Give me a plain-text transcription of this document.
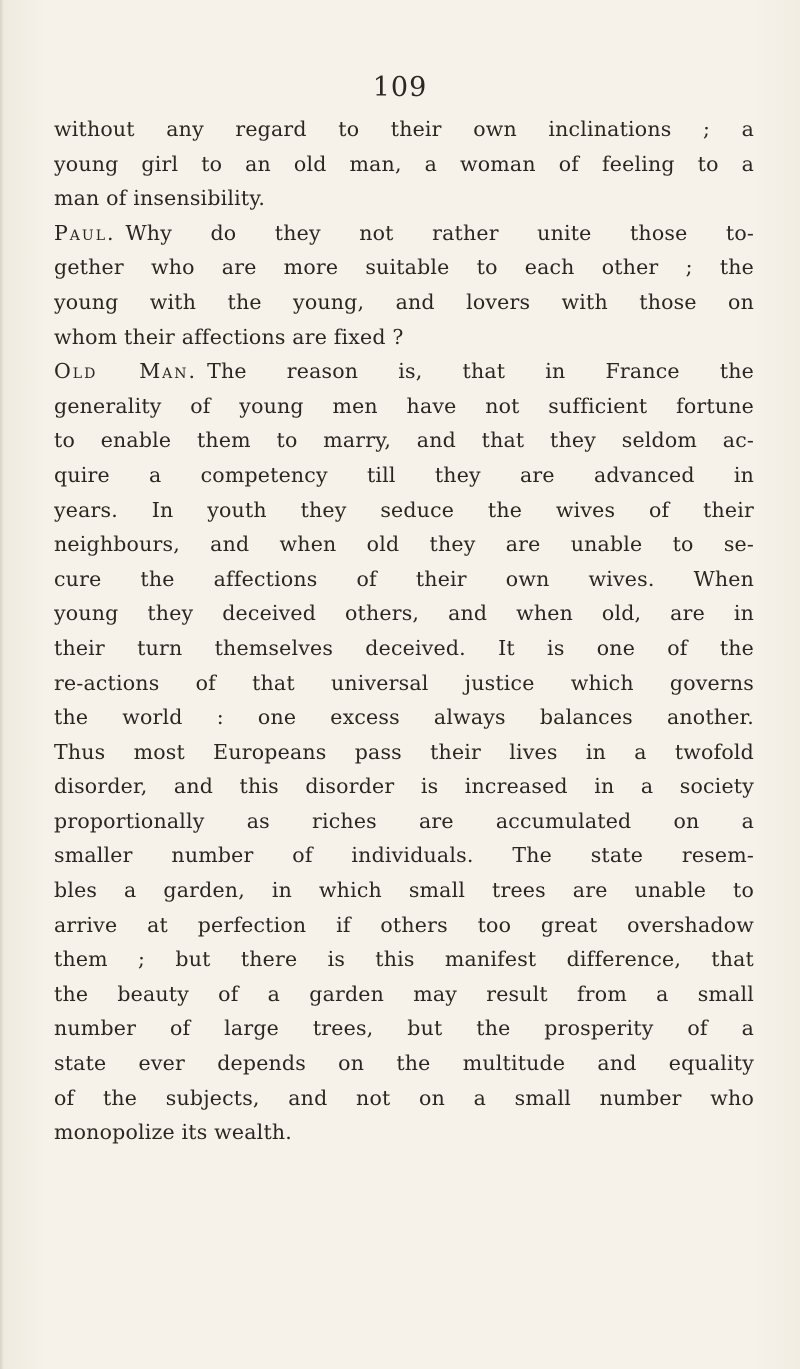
109
without any regard to their own inclinations ; a
young girl to an old man, a woman of feeling to a
man of insensibility.
Paul. Why do they not rather unite those to-
gether who are more suitable to each other ; the
young with the young, and lovers with those on
whom their affections are fixed ?
Old Man. The reason is, that in France the
generality of young men have not sufficient fortune
to enable them to marry, and that they seldom ac-
quire a competency till they are advanced in
years. In youth they seduce the wives of their
neighbours, and when old they are unable to se-
cure the affections of their own wives. When
young they deceived others, and when old, are in
their turn themselves deceived. It is one of the
re-actions of that universal justice which governs
the world : one excess always balances another.
Thus most Europeans pass their lives in a twofold
disorder, and this disorder is increased in a society
proportionally as riches are accumulated on a
smaller number of individuals. The state resem-
bles a garden, in which small trees are unable to
arrive at perfection if others too great overshadow
them ; but there is this manifest difference, that
the beauty of a garden may result from a small
number of large trees, but the prosperity of a
state ever depends on the multitude and equality
of the subjects, and not on a small number who
monopolize its wealth.
